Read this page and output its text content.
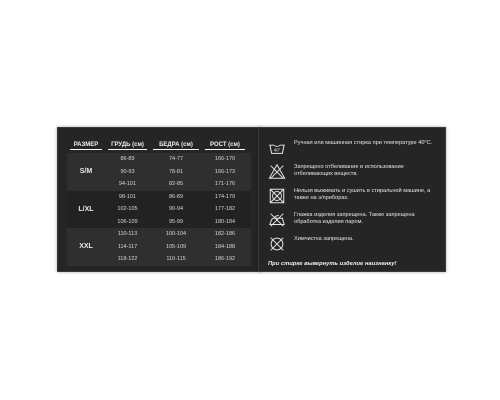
РАЗМЕР	ГРУДЬ (см)	БЕДРА (см)	РОСТ (см)
S/M
86-89	74-77	166-170
90-93	78-81	166-173
94-101	82-85	171-176
L/XL
98-101	86-89	174-179
102-105	90-94	177-182
106-109	95-99	180-184
XXL
110-113	100-104	182-186
114-117	105-109	184-188
118-122	110-115	186-192
40°
Ручная или машинная стирка при температуре 40°С.
Запрещено отбеливание и использование отбеливающих веществ.
Нельзя выжимать и сушить в стиральной машине, а также на э/приборах.
Глажка изделия запрещена. Также запрещена обработка изделия паром.
Химчистка запрещена.
При стирке вывернуть изделие наизнанку!
